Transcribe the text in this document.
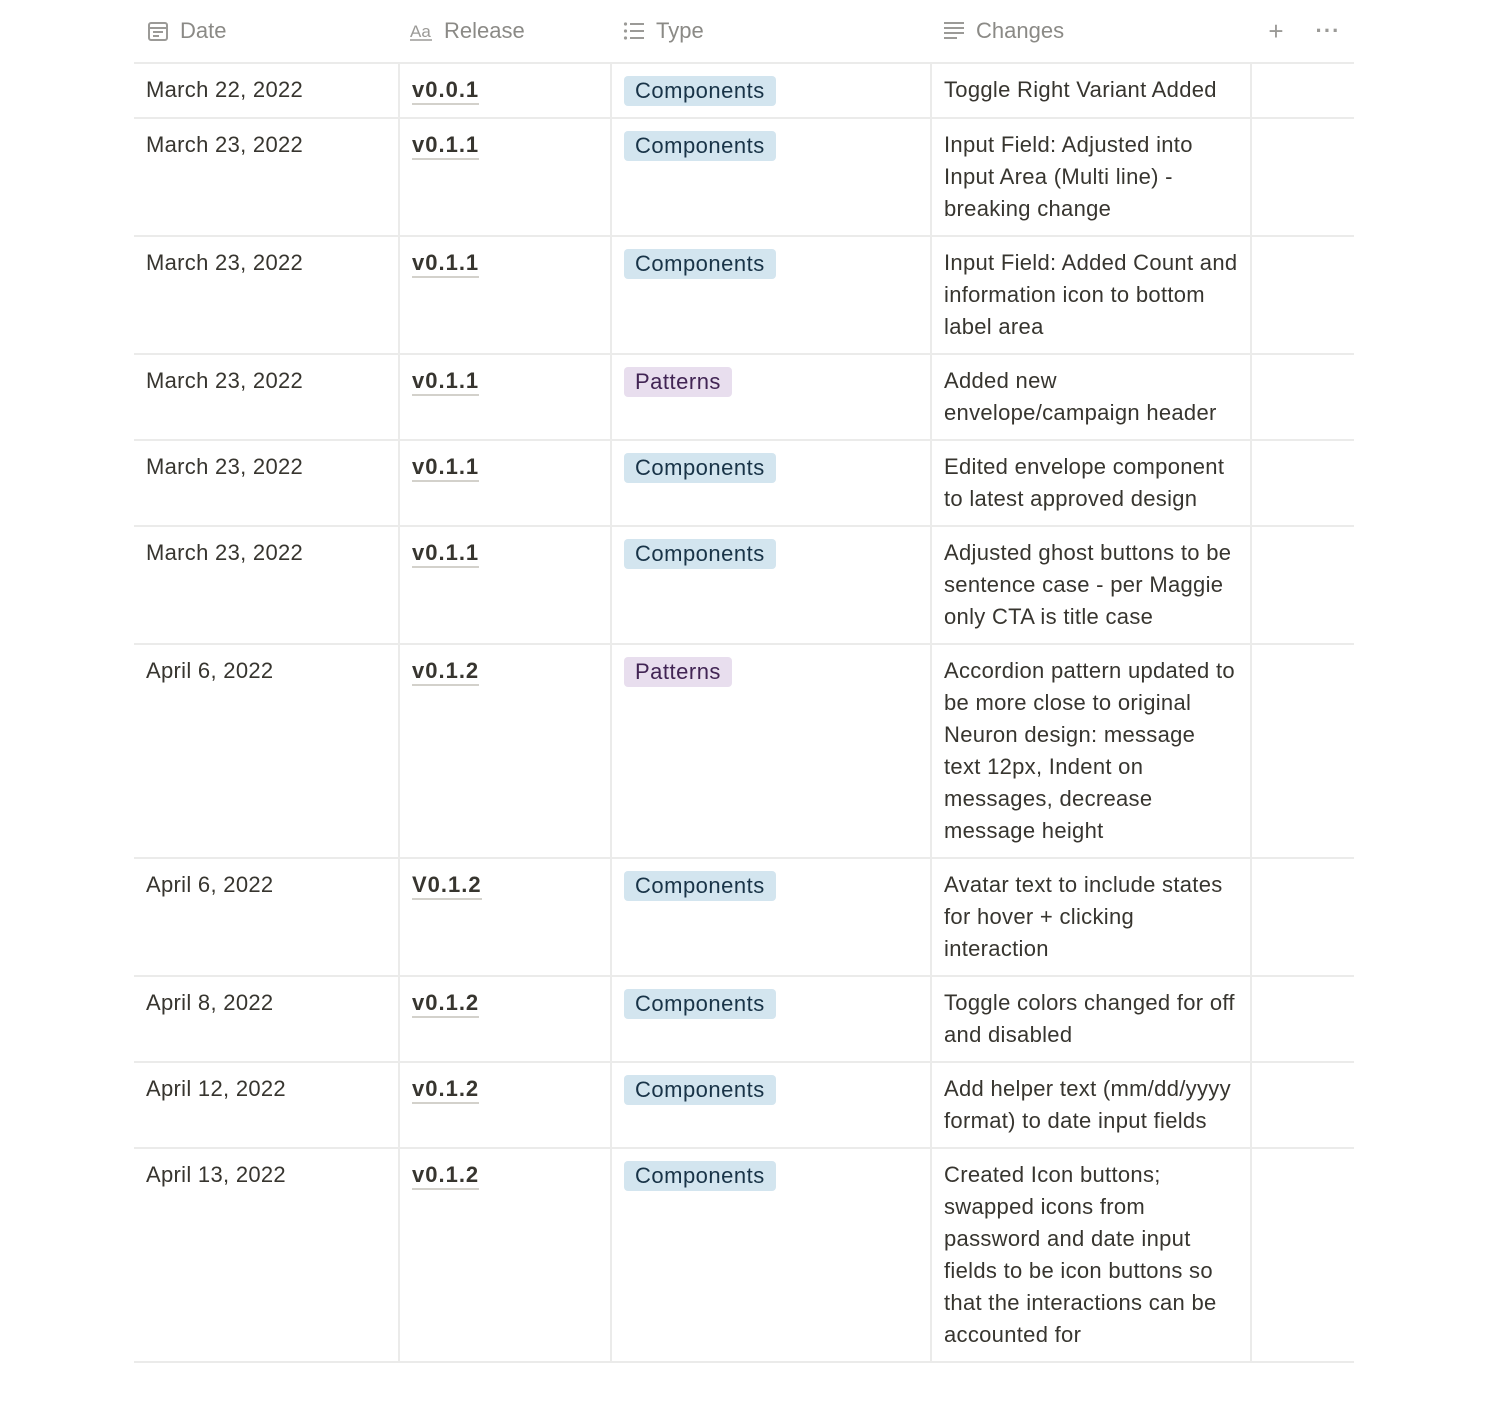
Date	Aa Release	Type	Changes	+	···
March 22, 2022	v0.0.1	Components	Toggle Right Variant Added
March 23, 2022	v0.1.1	Components	Input Field: Adjusted into Input Area (Multi line) - breaking change
March 23, 2022	v0.1.1	Components	Input Field: Added Count and information icon to bottom label area
March 23, 2022	v0.1.1	Patterns	Added new envelope/campaign header
March 23, 2022	v0.1.1	Components	Edited envelope component to latest approved design
March 23, 2022	v0.1.1	Components	Adjusted ghost buttons to be sentence case - per Maggie only CTA is title case
April 6, 2022	v0.1.2	Patterns	Accordion pattern updated to be more close to original Neuron design: message text 12px, Indent on messages, decrease message height
April 6, 2022	V0.1.2	Components	Avatar text to include states for hover + clicking interaction
April 8, 2022	v0.1.2	Components	Toggle colors changed for off and disabled
April 12, 2022	v0.1.2	Components	Add helper text (mm/dd/yyyy format) to date input fields
April 13, 2022	v0.1.2	Components	Created Icon buttons; swapped icons from password and date input fields to be icon buttons so that the interactions can be accounted for
